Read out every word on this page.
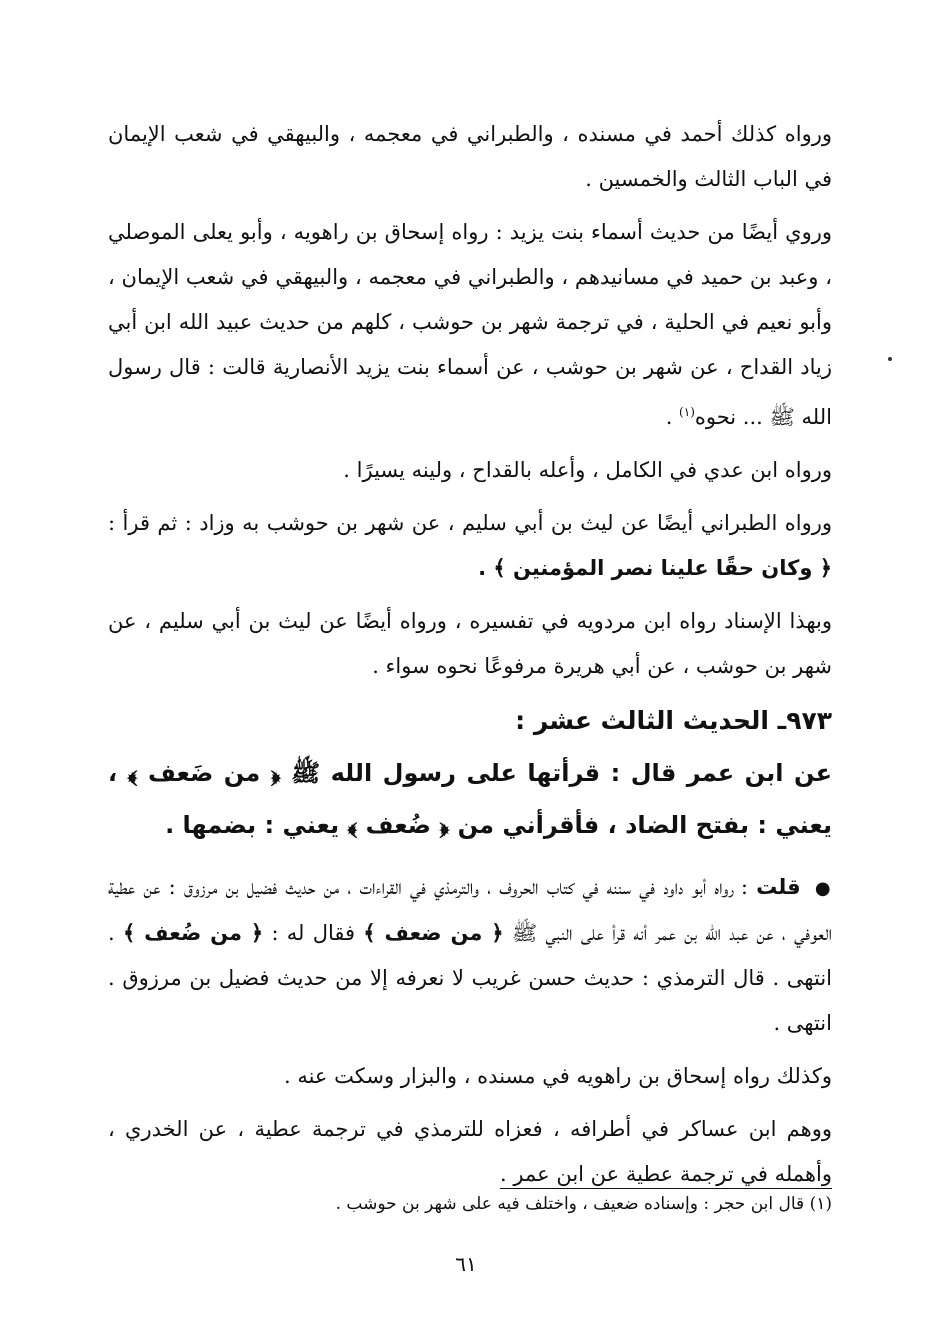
ورواه كذلك أحمد في مسنده ، والطبراني في معجمه ، والبيهقي في شعب الإيمان في الباب الثالث والخمسين .

وروي أيضًا من حديث أسماء بنت يزيد : رواه إسحاق بن راهويه ، وأبو يعلى الموصلي ، وعبد بن حميد في مسانيدهم ، والطبراني في معجمه ، والبيهقي في شعب الإيمان ، وأبو نعيم في الحلية ، في ترجمة شهر بن حوشب ، كلهم من حديث عبيد الله ابن أبي زياد القداح ، عن شهر بن حوشب ، عن أسماء بنت يزيد الأنصارية قالت : قال رسول الله ﷺ ... نحوه$^{(١)}$ .

ورواه ابن عدي في الكامل ، وأعله بالقداح ، ولينه يسيرًا .

ورواه الطبراني أيضًا عن ليث بن أبي سليم ، عن شهر بن حوشب به وزاد : ثم قرأ : ﴿ وكان حقًا علينا نصر المؤمنين ﴾ .

وبهذا الإسناد رواه ابن مردويه في تفسيره ، ورواه أيضًا عن ليث بن أبي سليم ، عن شهر بن حوشب ، عن أبي هريرة مرفوعًا نحوه سواء .

٩٧٣ـ الحديث الثالث عشر :
عن ابن عمر قال : قرأتها على رسول الله ﷺ ﴿ من ضَعف ﴾ ، يعني : بفتح الضاد ، فأقرأني من ﴿ ضُعف ﴾ يعني : بضمها .

● قلت : رواه أبو داود في سننه في كتاب الحروف ، والترمذي في القراءات ، من حديث فضيل بن مرزوق : عن عطية العوفي ، عن عبد الله بن عمر أنه قرأ على النبي ﷺ ﴿ من ضعف ﴾ فقال له : ﴿ من ضُعف ﴾ . انتهى . قال الترمذي : حديث حسن غريب لا نعرفه إلا من حديث فضيل بن مرزوق . انتهى .

وكذلك رواه إسحاق بن راهويه في مسنده ، والبزار وسكت عنه .

ووهم ابن عساكر في أطرافه ، فعزاه للترمذي في ترجمة عطية ، عن الخدري ، وأهمله في ترجمة عطية عن ابن عمر .

(١) قال ابن حجر : وإسناده ضعيف ، واختلف فيه على شهر بن حوشب .
٦١
